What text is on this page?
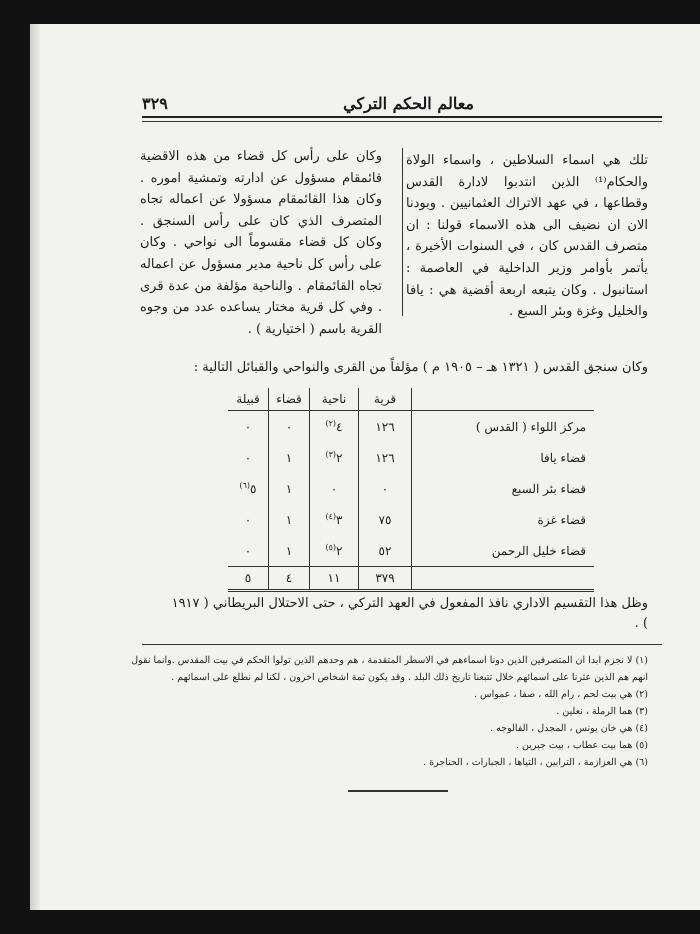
معالم الحكم التركي
٣٢٩
تلك هي اسماء السلاطين ، واسماء الولاة والحكام⁽¹⁾ الذين انتدبوا لادارة القدس وقطاعها ، في عهد الاتراك العثمانيين . وبودنا الان ان نضيف الى هذه الاسماء قولنا : ان متصرف القدس كان ، في السنوات الأخيرة ، يأتمر بأوامر وزير الداخلية في العاصمة : استانبول . وكان يتبعه اربعة أقضية هي : يافا والخليل وغزة وبئر السبع .
وكان على رأس كل قضاء من هذه الاقضية قائمقام مسؤول عن ادارته وتمشية اموره . وكان هذا القائمقام مسؤولا عن اعماله تجاه المتصرف الذي كان على رأس السنجق . وكان كل قضاء مقسوماً الى نواحي . وكان على رأس كل ناحية مدير مسؤول عن اعماله تجاه القائمقام . والناحية مؤلفة من عدة قرى . وفي كل قرية مختار يساعده عدد من وجوه القرية باسم ( اختيارية ) .
وكان سنجق القدس ( ١٣٢١ هـ – ١٩٠٥ م ) مؤلفاً من القرى والنواحي والقبائل التالية :
	قرية	ناحية	قضاء	قبيلة
مركز اللواء ( القدس )	١٢٦	٤$^{(٢)}$	٠	٠
قضاء يافا	١٢٦	٢$^{(٣)}$	١	٠
قضاء بئر السبع	٠	٠	١	٥$^{(٦)}$
قضاء غزة	٧٥	٣$^{(٤)}$	١	٠
قضاء خليل الرحمن	٥٢	٢$^{(٥)}$	١	٠
	٣٧٩	١١	٤	٥
وظل هذا التقسيم الاداري نافذ المفعول في العهد التركي ، حتى الاحتلال البريطاني ( ١٩١٧ ) .

(١) لا نجزم ابدا ان المتصرفين الذين دونا اسماءهم في الاسطر المتقدمة ، هم وحدهم الذين تولوا الحكم في بيت المقدس .وانما نقول انهم هم الذين عثرنا على اسمائهم خلال تتبعنا تاريخ ذلك البلد . وقد يكون ثمة اشخاص اخرون ، لكنا لم نطلع على اسمائهم .

(٢) هي بيت لحم ، رام الله ، صفا ، عمواس .

(٣) هما الرملة ، نعلين .

(٤) هي خان يونس ، المجدل ، الفالوجه .

(٥) هما بيت عطاب ، بيت جبرين .

(٦) هي العزازمة ، الترابين ، التياها ، الجبارات ، الحناجرة .
